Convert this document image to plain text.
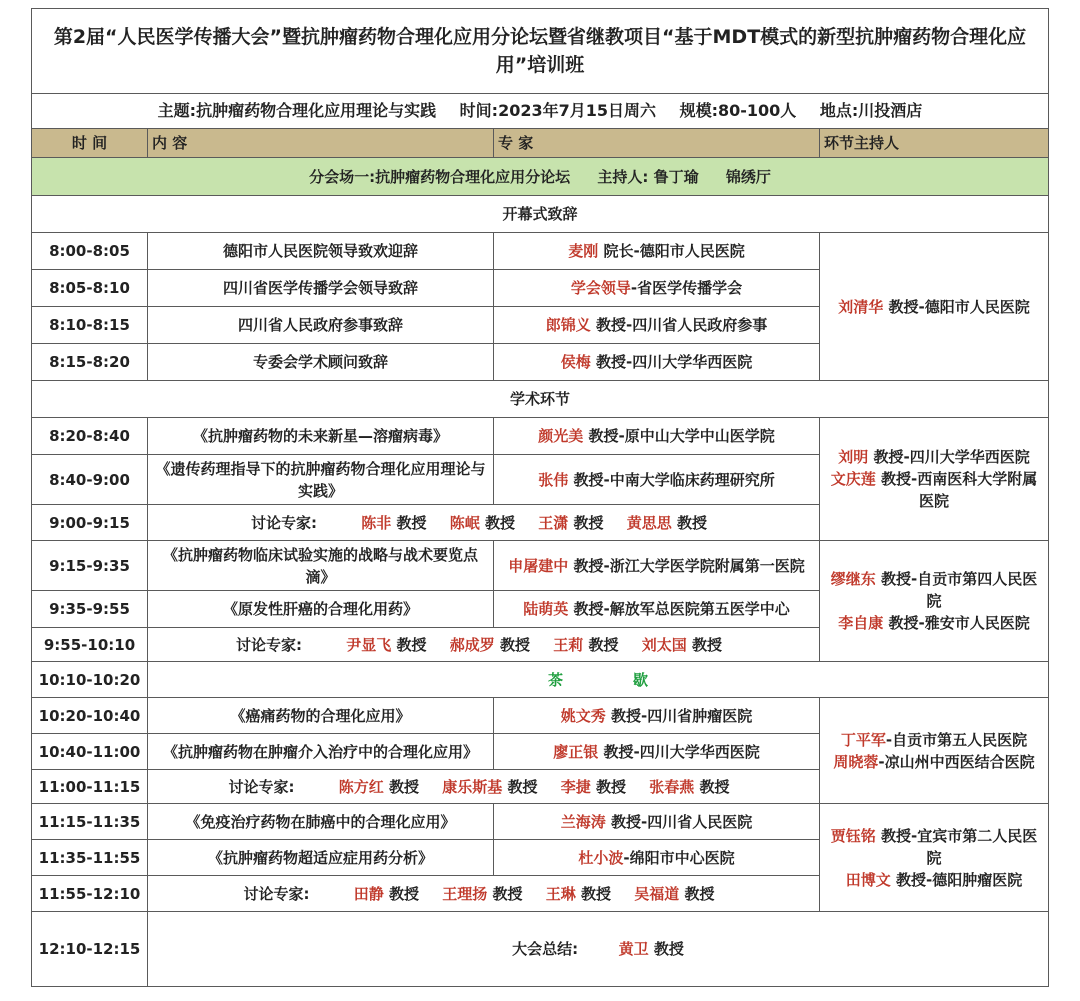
第2届“人民医学传播大会”暨抗肿瘤药物合理化应用分论坛暨省继教项目“基于MDT模式的新型抗肿瘤药物合理化应用”培训班			
主题:抗肿瘤药物合理化应用理论与实践 时间:2023年7月15日周六 规模:80-100人 地点:川投酒店			
时 间	内 容	专 家	环节主持人
分会场一:抗肿瘤药物合理化应用分论坛 主持人: 鲁丁瑜 锦绣厅			
开幕式致辞			
8:00-8:05	德阳市人民医院领导致欢迎辞	麦刚 院长-德阳市人民医院	刘清华 教授-德阳市人民医院

8:05-8:10	四川省医学传播学会领导致辞	学会领导-省医学传播学会	
8:10-8:15	四川省人民政府参事致辞	郎锦义 教授-四川省人民政府参事	
8:15-8:20	专委会学术顾问致辞	侯梅 教授-四川大学华西医院	
学术环节			
8:20-8:40	《抗肿瘤药物的未来新星—溶瘤病毒》	颜光美 教授-原中山大学中山医学院	刘明 教授-四川大学华西医院
文庆莲 教授-西南医科大学附属医院

8:40-9:00	《遗传药理指导下的抗肿瘤药物合理化应用理论与实践》	张伟 教授-中南大学临床药理研究所	
9:00-9:15	讨论专家: 陈非 教授 陈岷 教授 王潇 教授 黄思思 教授		
9:15-9:35	《抗肿瘤药物临床试验实施的战略与战术要览点滴》	申屠建中 教授-浙江大学医学院附属第一医院	缪继东 教授-自贡市第四人民医院
李自康 教授-雅安市人民医院

9:35-9:55	《原发性肝癌的合理化用药》	陆萌英 教授-解放军总医院第五医学中心	
9:55-10:10	讨论专家: 尹显飞 教授 郝成罗 教授 王莉 教授 刘太国 教授		
10:10-10:20	茶 歇		
10:20-10:40	《癌痛药物的合理化应用》	姚文秀 教授-四川省肿瘤医院	丁平军-自贡市第五人民医院
周晓蓉-凉山州中西医结合医院

10:40-11:00	《抗肿瘤药物在肿瘤介入治疗中的合理化应用》	廖正银 教授-四川大学华西医院	
11:00-11:15	讨论专家: 陈方红 教授 康乐斯基 教授 李捷 教授 张春燕 教授		
11:15-11:35	《免疫治疗药物在肺癌中的合理化应用》	兰海涛 教授-四川省人民医院	贾钰铭 教授-宜宾市第二人民医院
田博文 教授-德阳肿瘤医院

11:35-11:55	《抗肿瘤药物超适应症用药分析》	杜小波-绵阳市中心医院	
11:55-12:10	讨论专家: 田静 教授 王理扬 教授 王琳 教授 吴福道 教授		
12:10-12:15	大会总结: 黄卫 教授		
